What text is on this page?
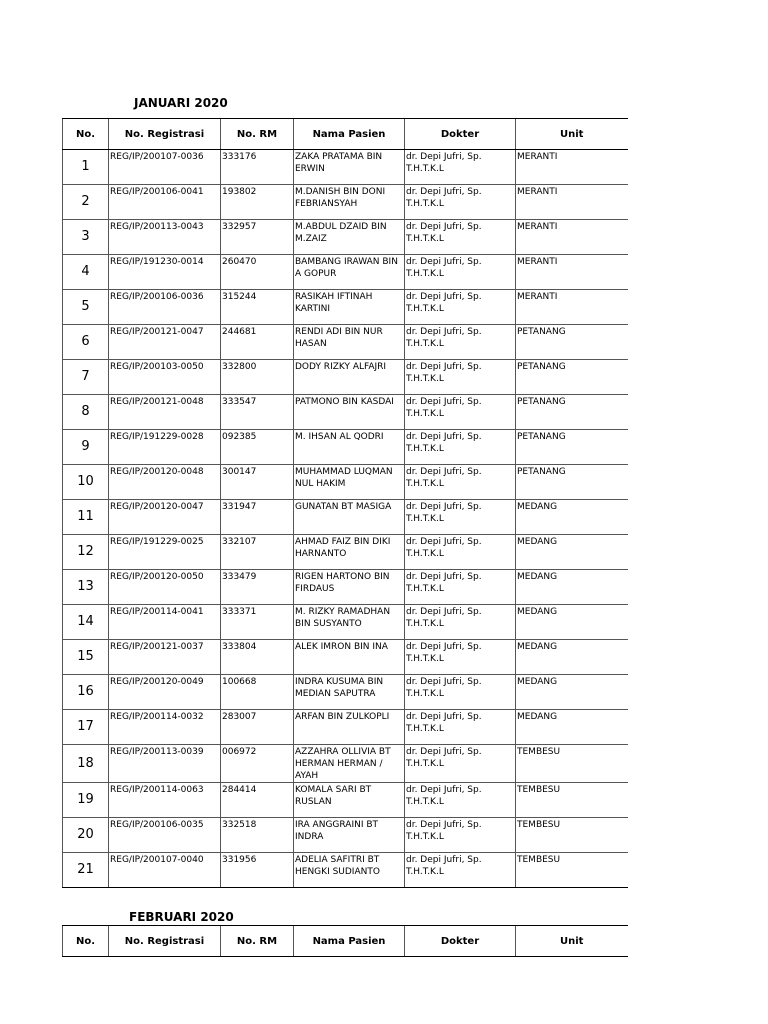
JANUARI 2020
No.	No. Registrasi	No. RM	Nama Pasien	Dokter	Unit
1	REG/IP/200107-0036	333176	ZAKA PRATAMA BIN ERWIN	dr. Depi Jufri, Sp. T.H.T.K.L	MERANTI
2	REG/IP/200106-0041	193802	M.DANISH BIN DONI FEBRIANSYAH	dr. Depi Jufri, Sp. T.H.T.K.L	MERANTI
3	REG/IP/200113-0043	332957	M.ABDUL DZAID BIN M.ZAIZ	dr. Depi Jufri, Sp. T.H.T.K.L	MERANTI
4	REG/IP/191230-0014	260470	BAMBANG IRAWAN BIN A GOPUR	dr. Depi Jufri, Sp. T.H.T.K.L	MERANTI
5	REG/IP/200106-0036	315244	RASIKAH IFTINAH KARTINI	dr. Depi Jufri, Sp. T.H.T.K.L	MERANTI
6	REG/IP/200121-0047	244681	RENDI ADI BIN NUR HASAN	dr. Depi Jufri, Sp. T.H.T.K.L	PETANANG
7	REG/IP/200103-0050	332800	DODY RIZKY ALFAJRI	dr. Depi Jufri, Sp. T.H.T.K.L	PETANANG
8	REG/IP/200121-0048	333547	PATMONO BIN KASDAI	dr. Depi Jufri, Sp. T.H.T.K.L	PETANANG
9	REG/IP/191229-0028	092385	M. IHSAN AL QODRI	dr. Depi Jufri, Sp. T.H.T.K.L	PETANANG
10	REG/IP/200120-0048	300147	MUHAMMAD LUQMAN NUL HAKIM	dr. Depi Jufri, Sp. T.H.T.K.L	PETANANG
11	REG/IP/200120-0047	331947	GUNATAN BT MASIGA	dr. Depi Jufri, Sp. T.H.T.K.L	MEDANG
12	REG/IP/191229-0025	332107	AHMAD FAIZ BIN DIKI HARNANTO	dr. Depi Jufri, Sp. T.H.T.K.L	MEDANG
13	REG/IP/200120-0050	333479	RIGEN HARTONO BIN FIRDAUS	dr. Depi Jufri, Sp. T.H.T.K.L	MEDANG
14	REG/IP/200114-0041	333371	M. RIZKY RAMADHAN BIN SUSYANTO	dr. Depi Jufri, Sp. T.H.T.K.L	MEDANG
15	REG/IP/200121-0037	333804	ALEK IMRON BIN INA	dr. Depi Jufri, Sp. T.H.T.K.L	MEDANG
16	REG/IP/200120-0049	100668	INDRA KUSUMA BIN MEDIAN SAPUTRA	dr. Depi Jufri, Sp. T.H.T.K.L	MEDANG
17	REG/IP/200114-0032	283007	ARFAN BIN ZULKOPLI	dr. Depi Jufri, Sp. T.H.T.K.L	MEDANG
18	REG/IP/200113-0039	006972	AZZAHRA OLLIVIA BT HERMAN HERMAN / AYAH	dr. Depi Jufri, Sp. T.H.T.K.L	TEMBESU
19	REG/IP/200114-0063	284414	KOMALA SARI BT RUSLAN	dr. Depi Jufri, Sp. T.H.T.K.L	TEMBESU
20	REG/IP/200106-0035	332518	IRA ANGGRAINI BT INDRA	dr. Depi Jufri, Sp. T.H.T.K.L	TEMBESU
21	REG/IP/200107-0040	331956	ADELIA SAFITRI BT HENGKI SUDIANTO	dr. Depi Jufri, Sp. T.H.T.K.L	TEMBESU
FEBRUARI 2020
No.	No. Registrasi	No. RM	Nama Pasien	Dokter	Unit
